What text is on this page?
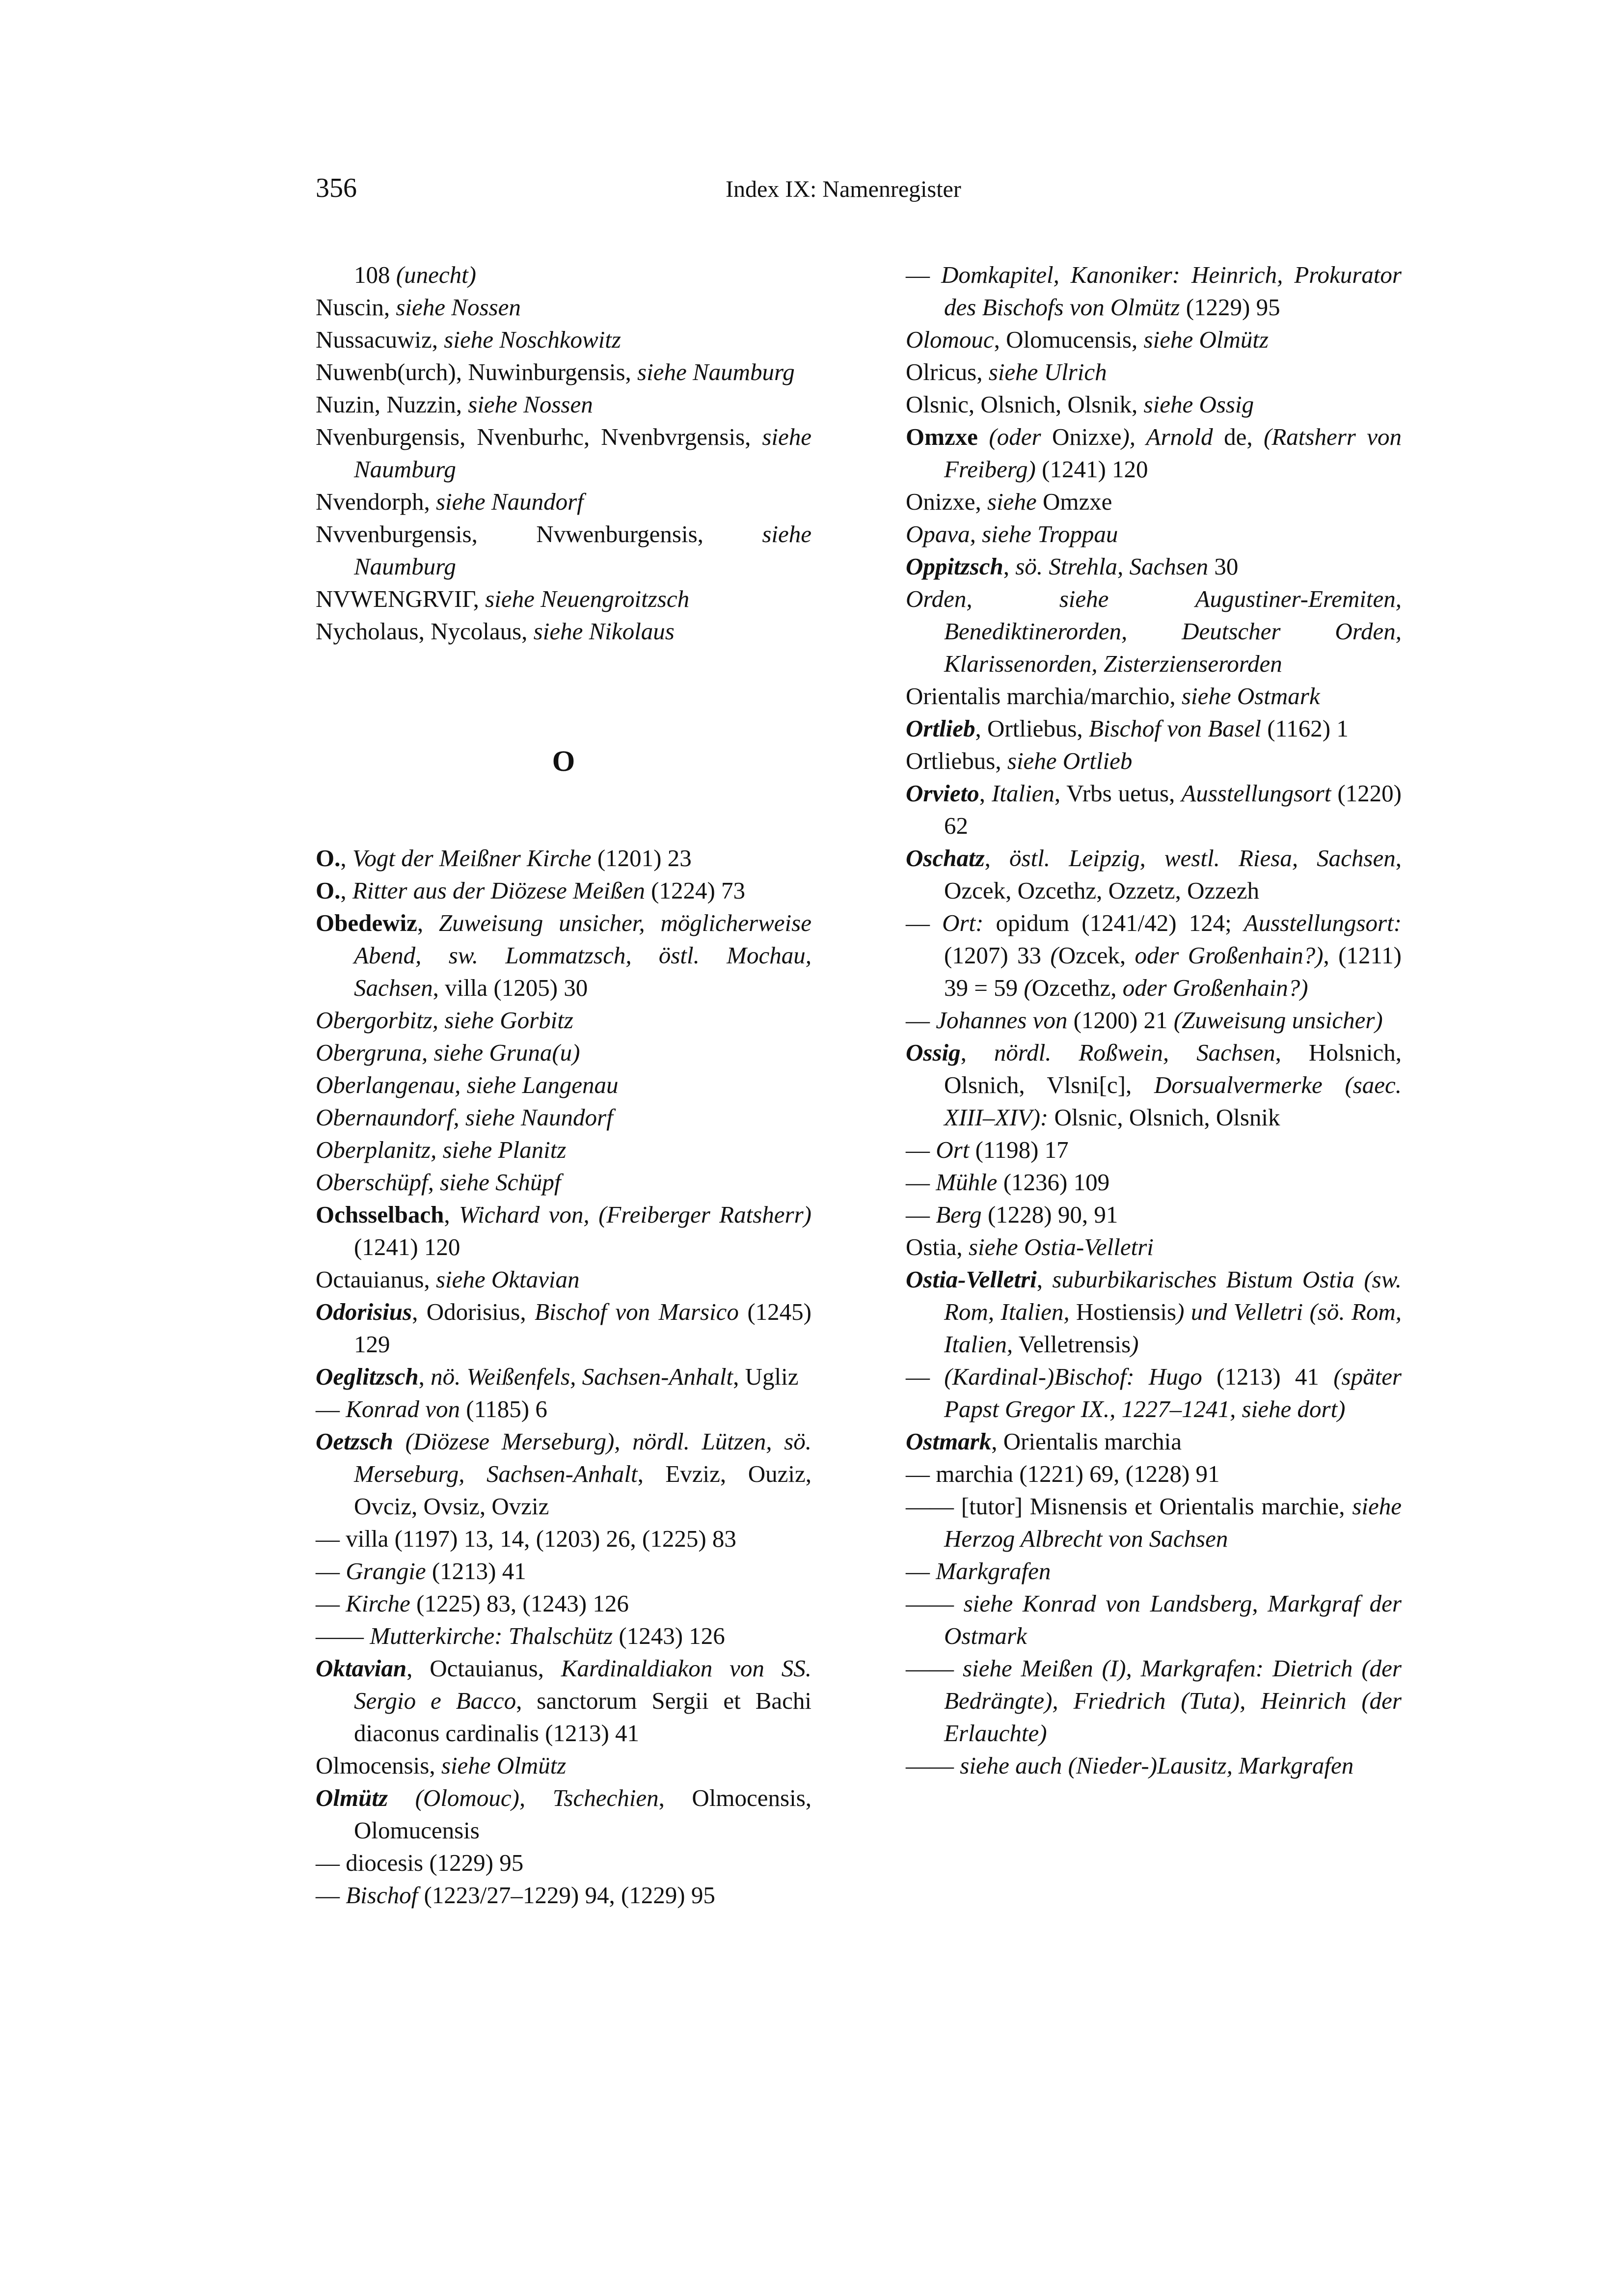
356	Index IX: Namenregister

108 (unecht)

Nuscin, siehe Nossen

Nussacuwiz, siehe Noschkowitz

Nuwenb(urch), Nuwinburgensis, siehe Naumburg

Nuzin, Nuzzin, siehe Nossen

Nvenburgensis, Nvenburhc, Nvenbvrgensis, siehe Naumburg

Nvendorph, siehe Naundorf

Nvvenburgensis, Nvwenburgensis, siehe Naumburg

NVWENGRVIΓ, siehe Neuengroitzsch

Nycholaus, Nycolaus, siehe Nikolaus

O

O., Vogt der Meißner Kirche (1201) 23

O., Ritter aus der Diözese Meißen (1224) 73

Obedewiz, Zuweisung unsicher, möglicherweise Abend, sw. Lommatzsch, östl. Mochau, Sachsen, villa (1205) 30

Obergorbitz, siehe Gorbitz

Obergruna, siehe Gruna(u)

Oberlangenau, siehe Langenau

Obernaundorf, siehe Naundorf

Oberplanitz, siehe Planitz

Oberschüpf, siehe Schüpf

Ochsselbach, Wichard von, (Freiberger Ratsherr) (1241) 120

Octauianus, siehe Oktavian

Odorisius, Odorisius, Bischof von Marsico (1245) 129

Oeglitzsch, nö. Weißenfels, Sachsen-Anhalt, Ugliz

— Konrad von (1185) 6

Oetzsch (Diözese Merseburg), nördl. Lützen, sö. Merseburg, Sachsen-Anhalt, Evziz, Ouziz, Ovciz, Ovsiz, Ovziz

— villa (1197) 13, 14, (1203) 26, (1225) 83

— Grangie (1213) 41

— Kirche (1225) 83, (1243) 126

—— Mutterkirche: Thalschütz (1243) 126

Oktavian, Octauianus, Kardinaldiakon von SS. Sergio e Bacco, sanctorum Sergii et Bachi diaconus cardinalis (1213) 41

Olmocensis, siehe Olmütz

Olmütz (Olomouc), Tschechien, Olmocensis, Olomucensis

— diocesis (1229) 95

— Bischof (1223/27–1229) 94, (1229) 95

— Domkapitel, Kanoniker: Heinrich, Prokurator des Bischofs von Olmütz (1229) 95

Olomouc, Olomucensis, siehe Olmütz

Olricus, siehe Ulrich

Olsnic, Olsnich, Olsnik, siehe Ossig

Omzxe (oder Onizxe), Arnold de, (Ratsherr von Freiberg) (1241) 120

Onizxe, siehe Omzxe

Opava, siehe Troppau

Oppitzsch, sö. Strehla, Sachsen 30

Orden, siehe Augustiner-Eremiten, Benediktinerorden, Deutscher Orden, Klarissenorden, Zisterzienserorden

Orientalis marchia/marchio, siehe Ostmark

Ortlieb, Ortliebus, Bischof von Basel (1162) 1

Ortliebus, siehe Ortlieb

Orvieto, Italien, Vrbs uetus, Ausstellungsort (1220) 62

Oschatz, östl. Leipzig, westl. Riesa, Sachsen, Ozcek, Ozcethz, Ozzetz, Ozzezh

— Ort: opidum (1241/42) 124; Ausstellungsort: (1207) 33 (Ozcek, oder Großenhain?), (1211) 39 = 59 (Ozcethz, oder Großenhain?)

— Johannes von (1200) 21 (Zuweisung unsicher)

Ossig, nördl. Roßwein, Sachsen, Holsnich, Olsnich, Vlsni[c], Dorsualvermerke (saec. XIII–XIV): Olsnic, Olsnich, Olsnik

— Ort (1198) 17

— Mühle (1236) 109

— Berg (1228) 90, 91

Ostia, siehe Ostia-Velletri

Ostia-Velletri, suburbikarisches Bistum Ostia (sw. Rom, Italien, Hostiensis) und Velletri (sö. Rom, Italien, Velletrensis)

— (Kardinal-)Bischof: Hugo (1213) 41 (später Papst Gregor IX., 1227–1241, siehe dort)

Ostmark, Orientalis marchia

— marchia (1221) 69, (1228) 91

—— [tutor] Misnensis et Orientalis marchie, siehe Herzog Albrecht von Sachsen

— Markgrafen

—— siehe Konrad von Landsberg, Markgraf der Ostmark

—— siehe Meißen (I), Markgrafen: Dietrich (der Bedrängte), Friedrich (Tuta), Heinrich (der Erlauchte)

—— siehe auch (Nieder-)Lausitz, Markgrafen
